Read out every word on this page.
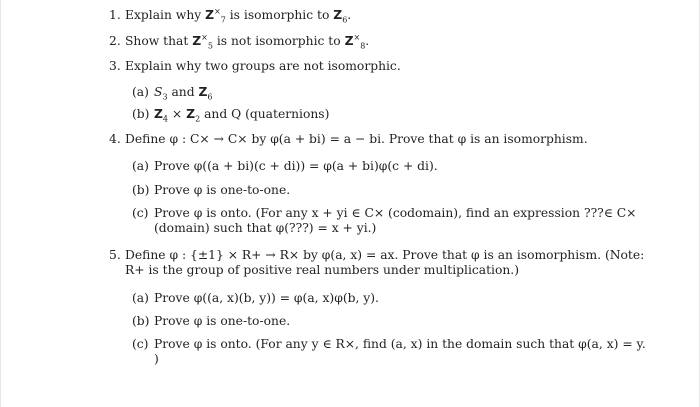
1. Explain why $Z^\times_7$ is isomorphic to $Z_6$.
2. Show that $Z^\times_5$ is not isomorphic to $Z^\times_8$.
3. Explain why two groups are not isomorphic.
(a) $S_3$ and $Z_6$
(b) $Z_4 \times Z_2$ and Q (quaternions)
4. Define φ : C× → C× by φ(a + bi) = a − bi. Prove that φ is an isomorphism.
(a) Prove φ((a + bi)(c + di)) = φ(a + bi)φ(c + di).
(b) Prove φ is one-to-one.
(c) Prove φ is onto. (For any x + yi ∈ C× (codomain), find an expression ???∈ C×
(domain) such that φ(???) = x + yi.)
5. Define φ : {±1} × R+ → R× by φ(a, x) = ax. Prove that φ is an isomorphism. (Note:
R+ is the group of positive real numbers under multiplication.)
(a) Prove φ((a, x)(b, y)) = φ(a, x)φ(b, y).
(b) Prove φ is one-to-one.
(c) Prove φ is onto. (For any y ∈ R×, find (a, x) in the domain such that φ(a, x) = y.
)
